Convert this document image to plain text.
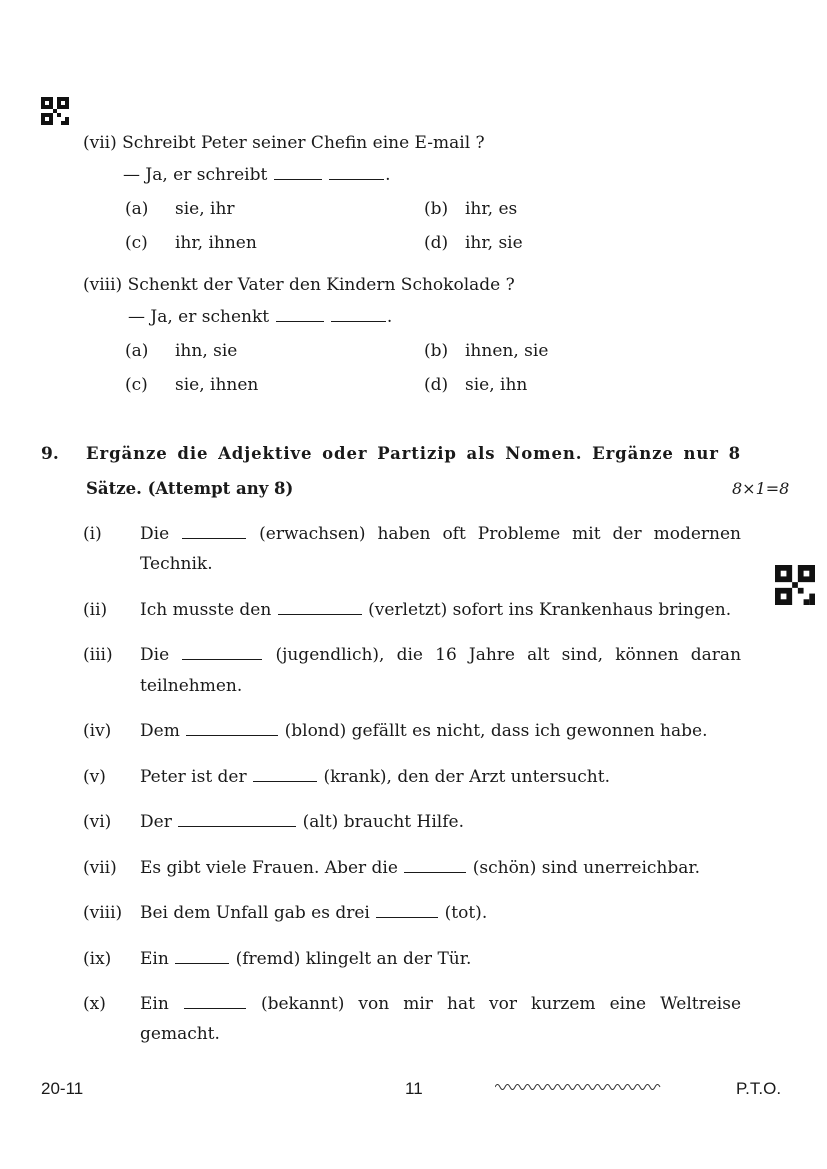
(vii) Schreibt Peter seiner Chefin eine E-mail ?
— Ja, er schreibt	.
(a) sie, ihr	(b) ihr, es
(c) ihr, ihnen	(d) ihr, sie
(viii) Schenkt der Vater den Kindern Schokolade ?
— Ja, er schenkt	.
(a) ihn, sie	(b) ihnen, sie
(c) sie, ihnen	(d) sie, ihn
9. Ergänze die Adjektive oder Partizip als Nomen. Ergänze nur 8
Sätze. (Attempt any 8)	8×1=8
(i) Die	(erwachsen) haben oft Probleme mit der modernen
Technik.
(ii) Ich musste den	(verletzt) sofort ins Krankenhaus bringen.
(iii) Die	(jugendlich), die 16 Jahre alt sind, können daran
teilnehmen.
(iv) Dem	(blond) gefällt es nicht, dass ich gewonnen habe.
(v) Peter ist der	(krank), den der Arzt untersucht.
(vi) Der	(alt) braucht Hilfe.
(vii) Es gibt viele Frauen. Aber die	(schön) sind unerreichbar.
(viii) Bei dem Unfall gab es drei	(tot).
(ix) Ein	(fremd) klingelt an der Tür.
(x) Ein	(bekannt) von mir hat vor kurzem eine Weltreise
gemacht.
20-11	11	P.T.O.
